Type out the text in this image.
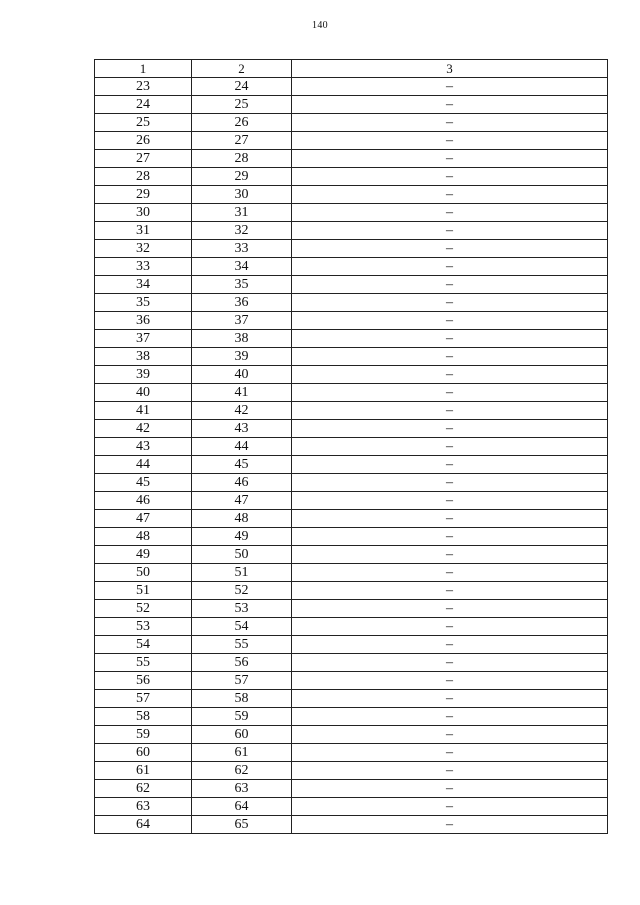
140
1	2	3
23	24	–
24	25	–
25	26	–
26	27	–
27	28	–
28	29	–
29	30	–
30	31	–
31	32	–
32	33	–
33	34	–
34	35	–
35	36	–
36	37	–
37	38	–
38	39	–
39	40	–
40	41	–
41	42	–
42	43	–
43	44	–
44	45	–
45	46	–
46	47	–
47	48	–
48	49	–
49	50	–
50	51	–
51	52	–
52	53	–
53	54	–
54	55	–
55	56	–
56	57	–
57	58	–
58	59	–
59	60	–
60	61	–
61	62	–
62	63	–
63	64	–
64	65	–
